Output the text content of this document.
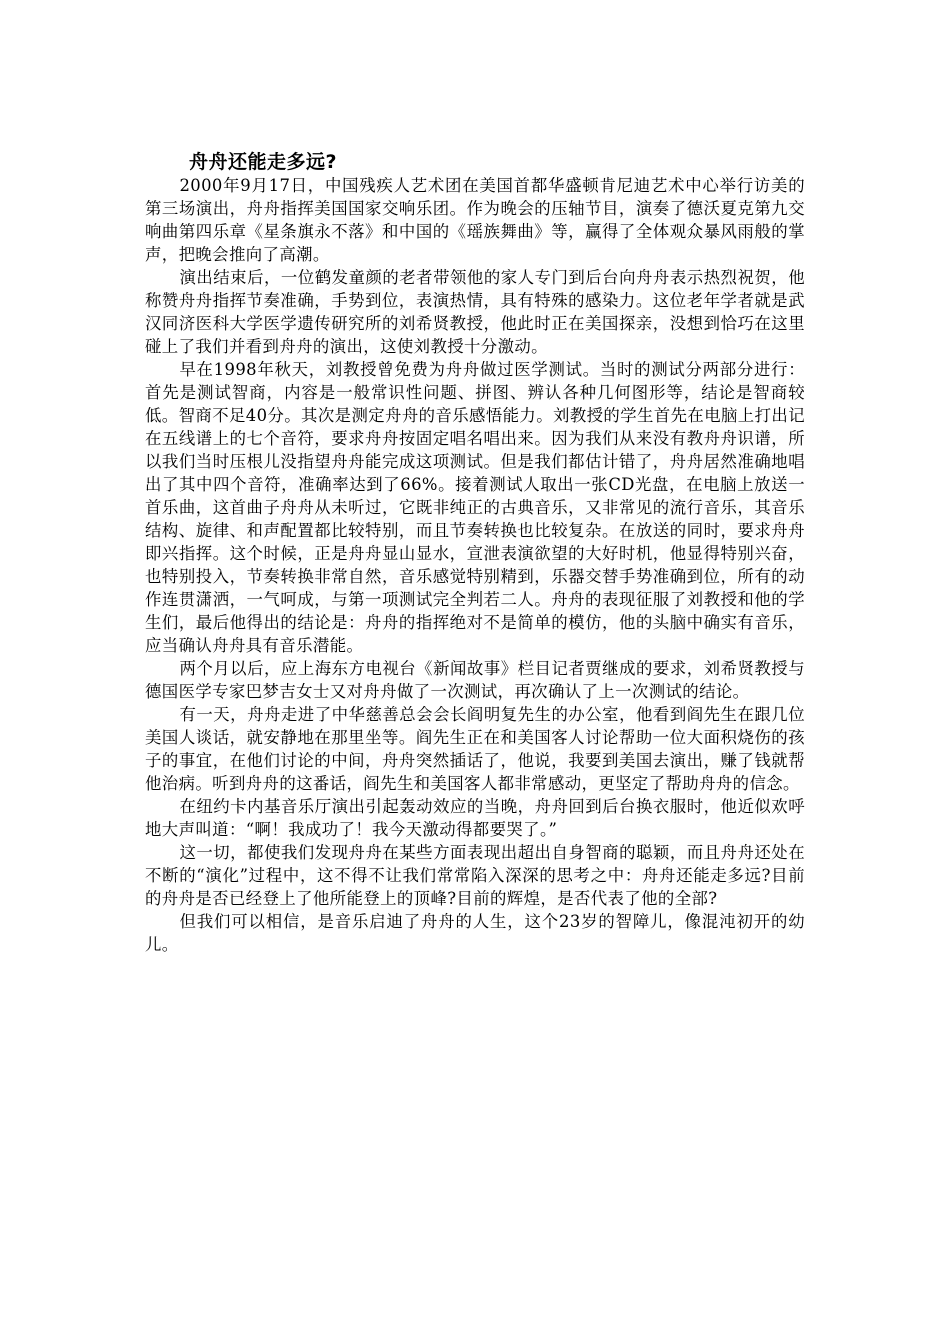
舟舟还能走多远?

2000年9月17日，中国残疾人艺术团在美国首都华盛顿肯尼迪艺术中心举行访美的第三场演出，舟舟指挥美国国家交响乐团。作为晚会的压轴节目，演奏了德沃夏克第九交响曲第四乐章《星条旗永不落》和中国的《瑶族舞曲》等，赢得了全体观众暴风雨般的掌声，把晚会推向了高潮。

演出结束后，一位鹤发童颜的老者带领他的家人专门到后台向舟舟表示热烈祝贺，他称赞舟舟指挥节奏准确，手势到位，表演热情，具有特殊的感染力。这位老年学者就是武汉同济医科大学医学遗传研究所的刘希贤教授，他此时正在美国探亲，没想到恰巧在这里碰上了我们并看到舟舟的演出，这使刘教授十分激动。

早在1998年秋天，刘教授曾免费为舟舟做过医学测试。当时的测试分两部分进行：首先是测试智商，内容是一般常识性问题、拼图、辨认各种几何图形等，结论是智商较低。智商不足40分。其次是测定舟舟的音乐感悟能力。刘教授的学生首先在电脑上打出记在五线谱上的七个音符，要求舟舟按固定唱名唱出来。因为我们从来没有教舟舟识谱，所以我们当时压根儿没指望舟舟能完成这项测试。但是我们都估计错了，舟舟居然准确地唱出了其中四个音符，准确率达到了66%。接着测试人取出一张CD光盘，在电脑上放送一首乐曲，这首曲子舟舟从未听过，它既非纯正的古典音乐，又非常见的流行音乐，其音乐结构、旋律、和声配置都比较特别，而且节奏转换也比较复杂。在放送的同时，要求舟舟即兴指挥。这个时候，正是舟舟显山显水，宣泄表演欲望的大好时机，他显得特别兴奋，也特别投入，节奏转换非常自然，音乐感觉特别精到，乐器交替手势准确到位，所有的动作连贯潇洒，一气呵成，与第一项测试完全判若二人。舟舟的表现征服了刘教授和他的学生们，最后他得出的结论是：舟舟的指挥绝对不是简单的模仿，他的头脑中确实有音乐，应当确认舟舟具有音乐潜能。

两个月以后，应上海东方电视台《新闻故事》栏目记者贾继成的要求，刘希贤教授与德国医学专家巴梦吉女士又对舟舟做了一次测试，再次确认了上一次测试的结论。

有一天，舟舟走进了中华慈善总会会长阎明复先生的办公室，他看到阎先生在跟几位美国人谈话，就安静地在那里坐等。阎先生正在和美国客人讨论帮助一位大面积烧伤的孩子的事宜，在他们讨论的中间，舟舟突然插话了，他说，我要到美国去演出，赚了钱就帮他治病。听到舟舟的这番话，阎先生和美国客人都非常感动，更坚定了帮助舟舟的信念。

在纽约卡内基音乐厅演出引起轰动效应的当晚，舟舟回到后台换衣服时，他近似欢呼地大声叫道：“啊！我成功了！我今天激动得都要哭了。”

这一切，都使我们发现舟舟在某些方面表现出超出自身智商的聪颖，而且舟舟还处在不断的“演化”过程中，这不得不让我们常常陷入深深的思考之中：舟舟还能走多远?目前的舟舟是否已经登上了他所能登上的顶峰?目前的辉煌，是否代表了他的全部?

但我们可以相信，是音乐启迪了舟舟的人生，这个23岁的智障儿，像混沌初开的幼儿。
